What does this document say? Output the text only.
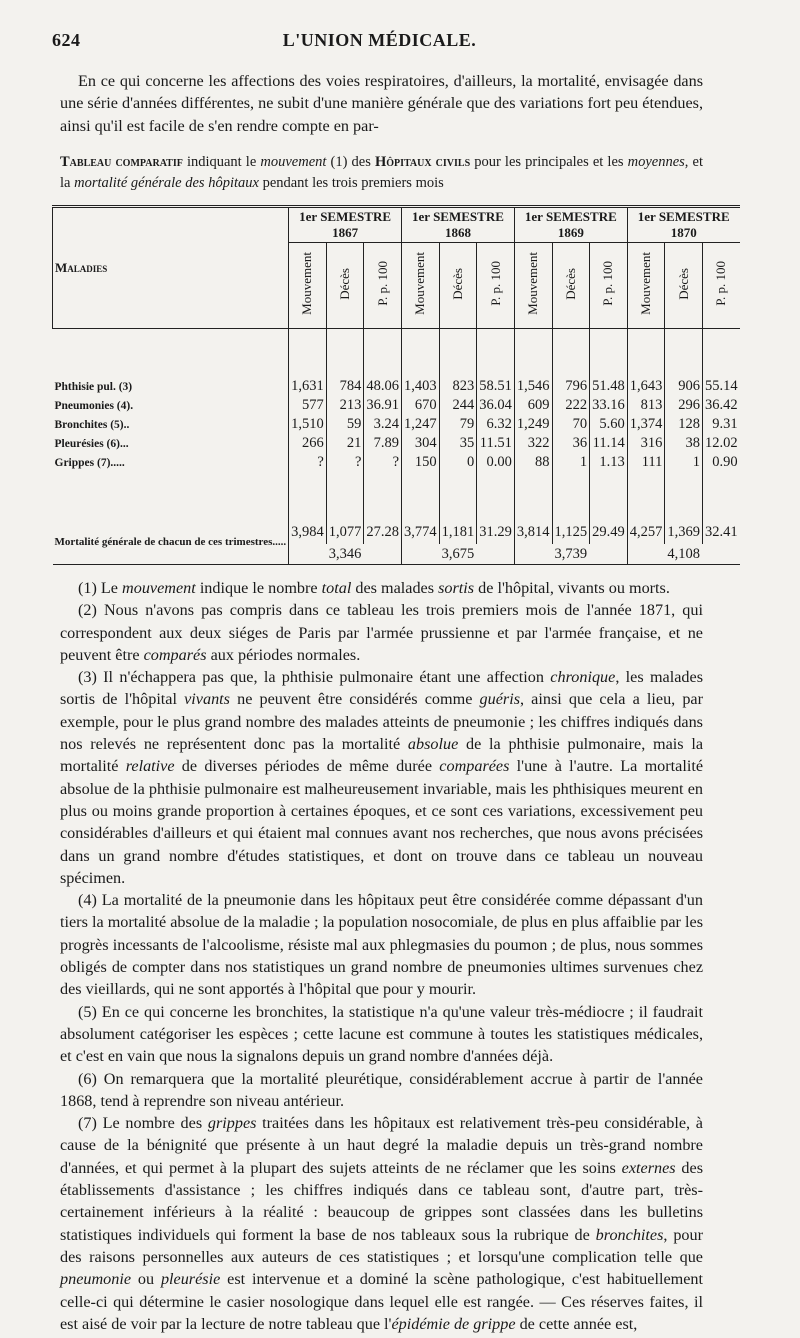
624	L'UNION MÉDICALE.

En ce qui concerne les affections des voies respiratoires, d'ailleurs, la mortalité, envisagée dans une série d'années différentes, ne subit d'une manière générale que des variations fort peu étendues, ainsi qu'il est facile de s'en rendre compte en par-

Tableau comparatif indiquant le mouvement (1) des Hôpitaux civils pour les principales et les moyennes, et la mortalité générale des hôpitaux pendant les trois premiers mois
Maladies	1er SEMESTRE 1867			1er SEMESTRE 1868			1er SEMESTRE 1869			1er SEMESTRE 1870		
	Mouvement	Décès	P. p. 100	Mouvement	Décès	P. p. 100	Mouvement	Décès	P. p. 100	Mouvement	Décès	P. p. 100

Phthisie pul. (3)	1,631	784	48.06	1,403	823	58.51	1,546	796	51.48	1,643	906	55.14
Pneumonies (4).	577	213	36.91	670	244	36.04	609	222	33.16	813	296	36.42
Bronchites (5)..	1,510	59	3.24	1,247	79	6.32	1,249	70	5.60	1,374	128	9.31
Pleurésies (6)...	266	21	7.89	304	35	11.51	322	36	11.14	316	38	12.02
Grippes (7).....	?	?	?	150	0	0.00	88	1	1.13	111	1	0.90

Mortalité générale de chacun de ces trimestres.....	3,984	1,077	27.28	3,774	1,181	31.29	3,814	1,125	29.49	4,257	1,369	32.41
	3,346			3,675			3,739			4,108		

(1) Le mouvement indique le nombre total des malades sortis de l'hôpital, vivants ou morts.

(2) Nous n'avons pas compris dans ce tableau les trois premiers mois de l'année 1871, qui correspondent aux deux siéges de Paris par l'armée prussienne et par l'armée française, et ne peuvent être comparés aux périodes normales.

(3) Il n'échappera pas que, la phthisie pulmonaire étant une affection chronique, les malades sortis de l'hôpital vivants ne peuvent être considérés comme guéris, ainsi que cela a lieu, par exemple, pour le plus grand nombre des malades atteints de pneumonie ; les chiffres indiqués dans nos relevés ne représentent donc pas la mortalité absolue de la phthisie pulmonaire, mais la mortalité relative de diverses périodes de même durée comparées l'une à l'autre. La mortalité absolue de la phthisie pulmonaire est malheureusement invariable, mais les phthisiques meurent en plus ou moins grande proportion à certaines époques, et ce sont ces variations, excessivement peu considérables d'ailleurs et qui étaient mal connues avant nos recherches, que nous avons précisées dans un grand nombre d'études statistiques, et dont on trouve dans ce tableau un nouveau spécimen.

(4) La mortalité de la pneumonie dans les hôpitaux peut être considérée comme dépassant d'un tiers la mortalité absolue de la maladie ; la population nosocomiale, de plus en plus affaiblie par les progrès incessants de l'alcoolisme, résiste mal aux phlegmasies du poumon ; de plus, nous sommes obligés de compter dans nos statistiques un grand nombre de pneumonies ultimes survenues chez des vieillards, qui ne sont apportés à l'hôpital que pour y mourir.

(5) En ce qui concerne les bronchites, la statistique n'a qu'une valeur très-médiocre ; il faudrait absolument catégoriser les espèces ; cette lacune est commune à toutes les statistiques médicales, et c'est en vain que nous la signalons depuis un grand nombre d'années déjà.

(6) On remarquera que la mortalité pleurétique, considérablement accrue à partir de l'année 1868, tend à reprendre son niveau antérieur.

(7) Le nombre des grippes traitées dans les hôpitaux est relativement très-peu considérable, à cause de la bénignité que présente à un haut degré la maladie depuis un très-grand nombre d'années, et qui permet à la plupart des sujets atteints de ne réclamer que les soins externes des établissements d'assistance ; les chiffres indiqués dans ce tableau sont, d'autre part, très-certainement inférieurs à la réalité : beaucoup de grippes sont classées dans les bulletins statistiques individuels qui forment la base de nos tableaux sous la rubrique de bronchites, pour des raisons personnelles aux auteurs de ces statistiques ; et lorsqu'une complication telle que pneumonie ou pleurésie est intervenue et a dominé la scène pathologique, c'est habituellement celle-ci qui détermine le casier nosologique dans lequel elle est rangée. — Ces réserves faites, il est aisé de voir par la lecture de notre tableau que l'épidémie de grippe de cette année est,
